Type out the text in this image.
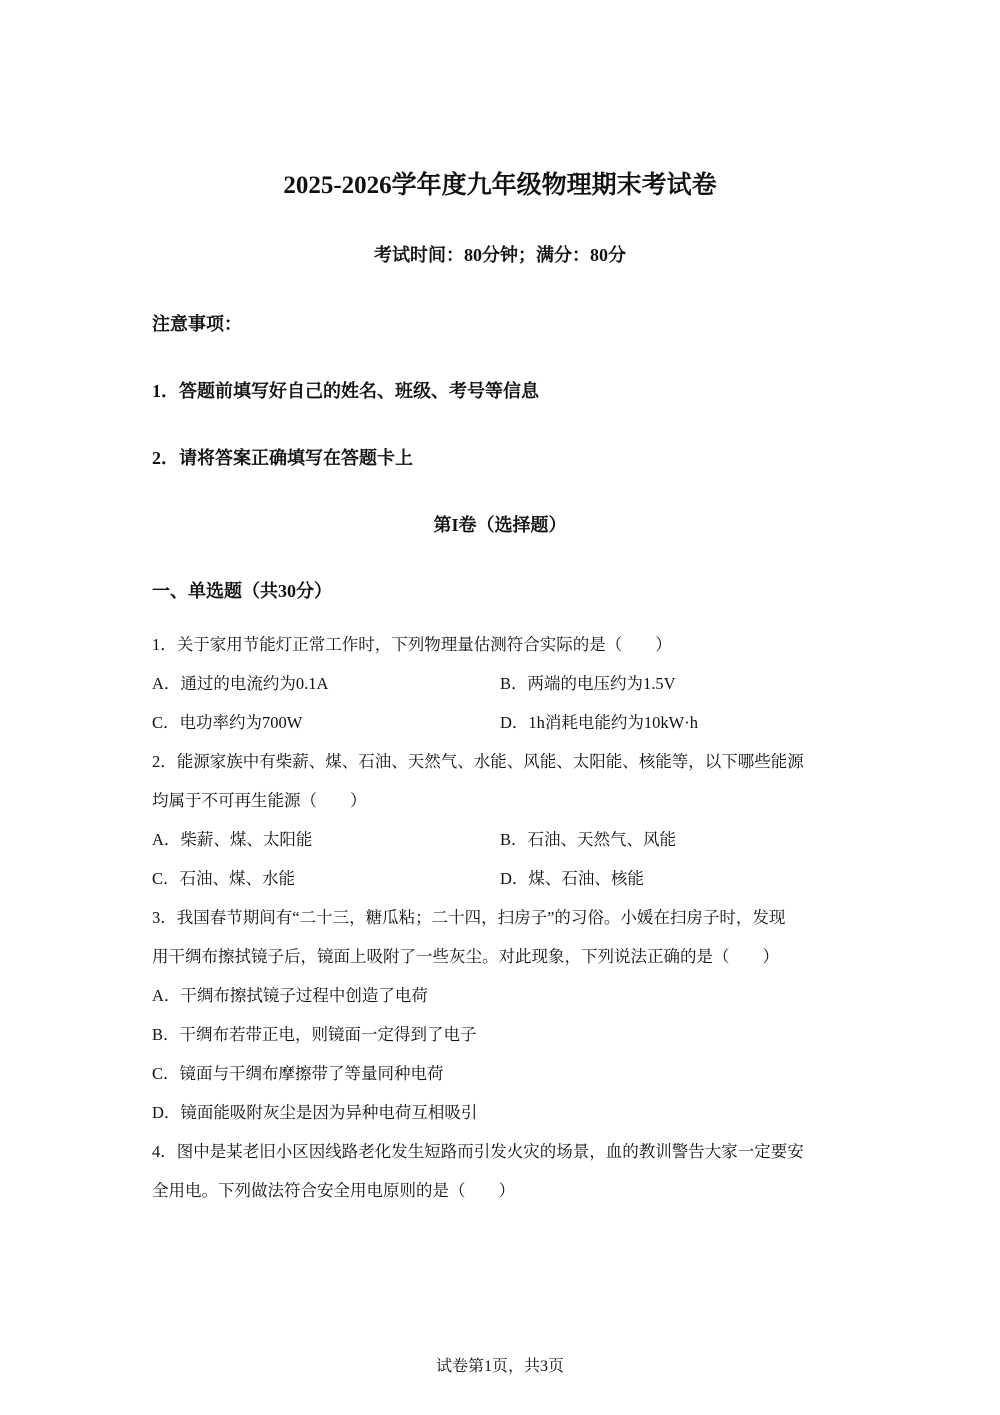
2025-2026学年度九年级物理期末考试卷
考试时间：80分钟；满分：80分
注意事项：
1．答题前填写好自己的姓名、班级、考号等信息
2．请将答案正确填写在答题卡上
第I卷（选择题）
一、单选题（共30分）
1．关于家用节能灯正常工作时，下列物理量估测符合实际的是（　　）
A．通过的电流约为0.1A	B．两端的电压约为1.5V
C．电功率约为700W	D．1h消耗电能约为10kW·h
2．能源家族中有柴薪、煤、石油、天然气、水能、风能、太阳能、核能等，以下哪些能源
均属于不可再生能源（　　）
A．柴薪、煤、太阳能	B．石油、天然气、风能
C．石油、煤、水能	D．煤、石油、核能
3．我国春节期间有“二十三，糖瓜粘；二十四，扫房子”的习俗。小媛在扫房子时，发现
用干绸布擦拭镜子后，镜面上吸附了一些灰尘。对此现象，下列说法正确的是（　　）
A．干绸布擦拭镜子过程中创造了电荷
B．干绸布若带正电，则镜面一定得到了电子
C．镜面与干绸布摩擦带了等量同种电荷
D．镜面能吸附灰尘是因为异种电荷互相吸引
4．图中是某老旧小区因线路老化发生短路而引发火灾的场景，血的教训警告大家一定要安
全用电。下列做法符合安全用电原则的是（　　）
试卷第1页，共3页
